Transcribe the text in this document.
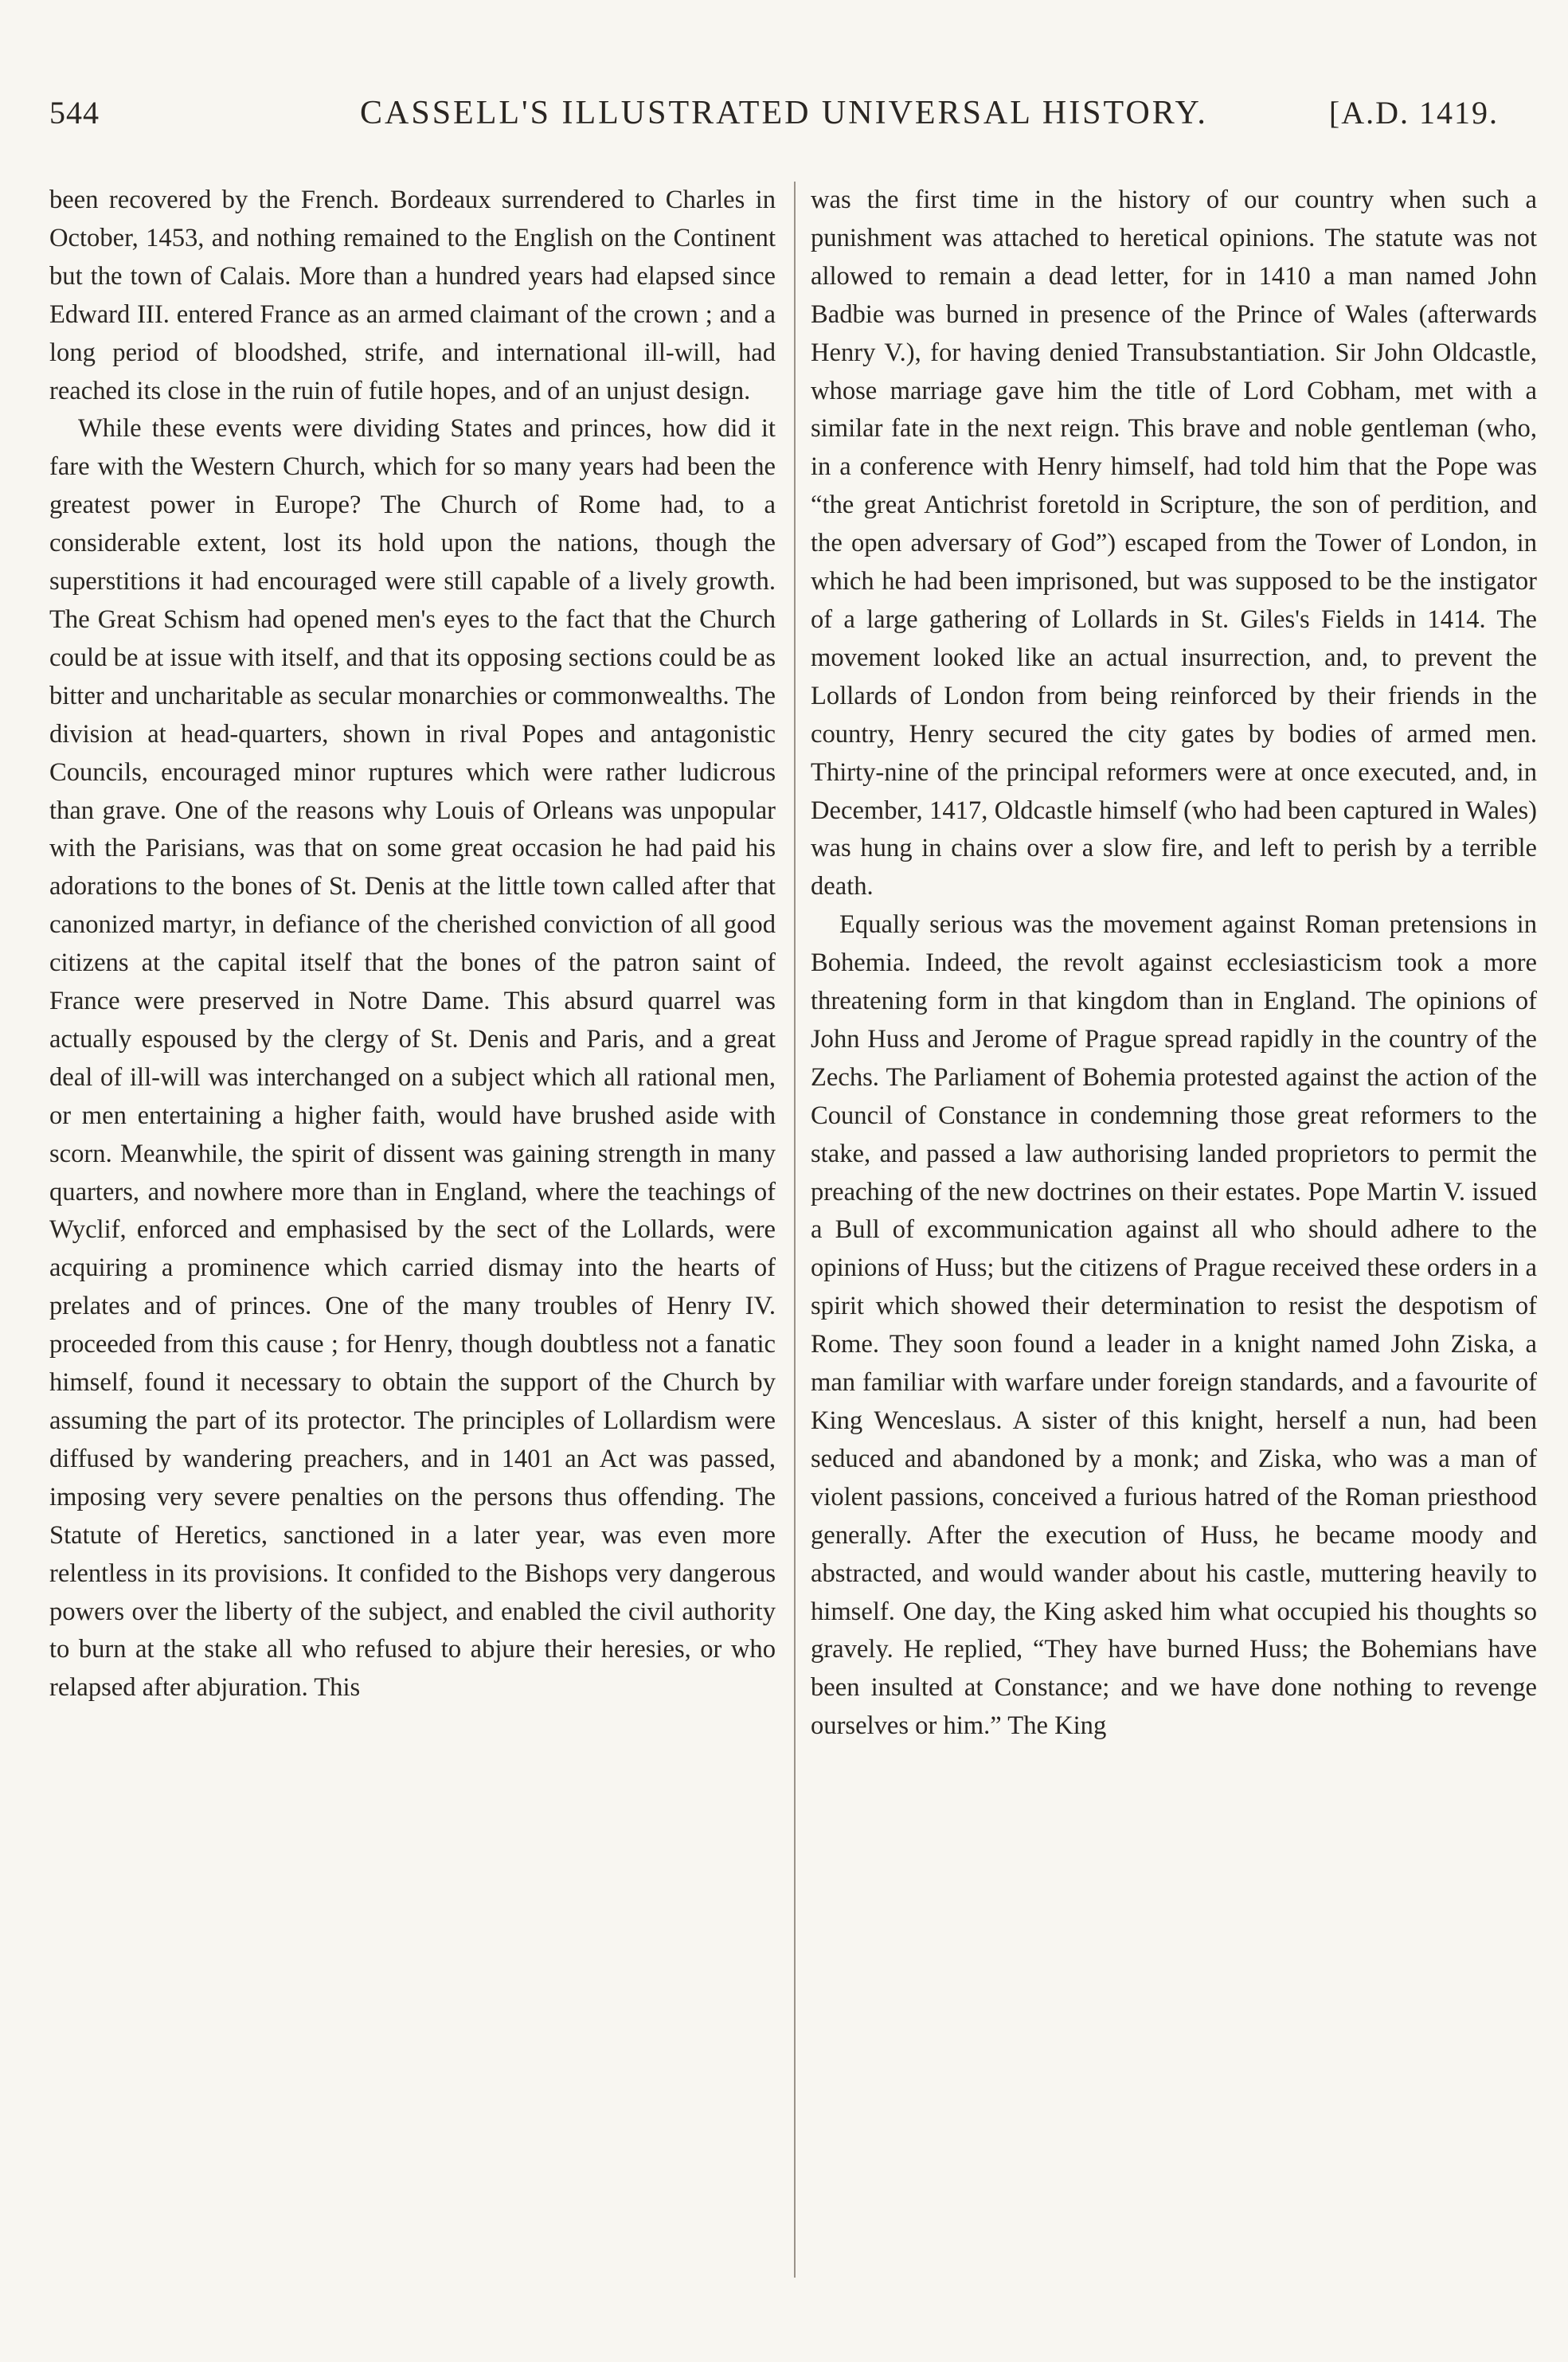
544	CASSELL'S ILLUSTRATED UNIVERSAL HISTORY.	[A.D. 1419.

been recovered by the French. Bordeaux surrendered to Charles in October, 1453, and nothing remained to the English on the Continent but the town of Calais. More than a hundred years had elapsed since Edward III. entered France as an armed claimant of the crown ; and a long period of bloodshed, strife, and international ill-will, had reached its close in the ruin of futile hopes, and of an unjust design.

While these events were dividing States and princes, how did it fare with the Western Church, which for so many years had been the greatest power in Europe? The Church of Rome had, to a considerable extent, lost its hold upon the nations, though the superstitions it had encouraged were still capable of a lively growth. The Great Schism had opened men's eyes to the fact that the Church could be at issue with itself, and that its opposing sections could be as bitter and uncharitable as secular monarchies or commonwealths. The division at head-quarters, shown in rival Popes and antagonistic Councils, encouraged minor ruptures which were rather ludicrous than grave. One of the reasons why Louis of Orleans was unpopular with the Parisians, was that on some great occasion he had paid his adorations to the bones of St. Denis at the little town called after that canonized martyr, in defiance of the cherished conviction of all good citizens at the capital itself that the bones of the patron saint of France were preserved in Notre Dame. This absurd quarrel was actually espoused by the clergy of St. Denis and Paris, and a great deal of ill-will was interchanged on a subject which all rational men, or men entertaining a higher faith, would have brushed aside with scorn. Meanwhile, the spirit of dissent was gaining strength in many quarters, and nowhere more than in England, where the teachings of Wyclif, enforced and emphasised by the sect of the Lollards, were acquiring a prominence which carried dismay into the hearts of prelates and of princes. One of the many troubles of Henry IV. proceeded from this cause ; for Henry, though doubtless not a fanatic himself, found it necessary to obtain the support of the Church by assuming the part of its protector. The principles of Lollardism were diffused by wandering preachers, and in 1401 an Act was passed, imposing very severe penalties on the persons thus offending. The Statute of Heretics, sanctioned in a later year, was even more relentless in its provisions. It confided to the Bishops very dangerous powers over the liberty of the subject, and enabled the civil authority to burn at the stake all who refused to abjure their heresies, or who relapsed after abjuration. This

was the first time in the history of our country when such a punishment was attached to heretical opinions. The statute was not allowed to remain a dead letter, for in 1410 a man named John Badbie was burned in presence of the Prince of Wales (afterwards Henry V.), for having denied Transubstantiation. Sir John Oldcastle, whose marriage gave him the title of Lord Cobham, met with a similar fate in the next reign. This brave and noble gentleman (who, in a conference with Henry himself, had told him that the Pope was “the great Antichrist foretold in Scripture, the son of perdition, and the open adversary of God”) escaped from the Tower of London, in which he had been imprisoned, but was supposed to be the instigator of a large gathering of Lollards in St. Giles's Fields in 1414. The movement looked like an actual insurrection, and, to prevent the Lollards of London from being reinforced by their friends in the country, Henry secured the city gates by bodies of armed men. Thirty-nine of the principal reformers were at once executed, and, in December, 1417, Oldcastle himself (who had been captured in Wales) was hung in chains over a slow fire, and left to perish by a terrible death.

Equally serious was the movement against Roman pretensions in Bohemia. Indeed, the revolt against ecclesiasticism took a more threatening form in that kingdom than in England. The opinions of John Huss and Jerome of Prague spread rapidly in the country of the Zechs. The Parliament of Bohemia protested against the action of the Council of Constance in condemning those great reformers to the stake, and passed a law authorising landed proprietors to permit the preaching of the new doctrines on their estates. Pope Martin V. issued a Bull of excommunication against all who should adhere to the opinions of Huss; but the citizens of Prague received these orders in a spirit which showed their determination to resist the despotism of Rome. They soon found a leader in a knight named John Ziska, a man familiar with warfare under foreign standards, and a favourite of King Wenceslaus. A sister of this knight, herself a nun, had been seduced and abandoned by a monk; and Ziska, who was a man of violent passions, conceived a furious hatred of the Roman priesthood generally. After the execution of Huss, he became moody and abstracted, and would wander about his castle, muttering heavily to himself. One day, the King asked him what occupied his thoughts so gravely. He replied, “They have burned Huss; the Bohemians have been insulted at Constance; and we have done nothing to revenge ourselves or him.” The King
